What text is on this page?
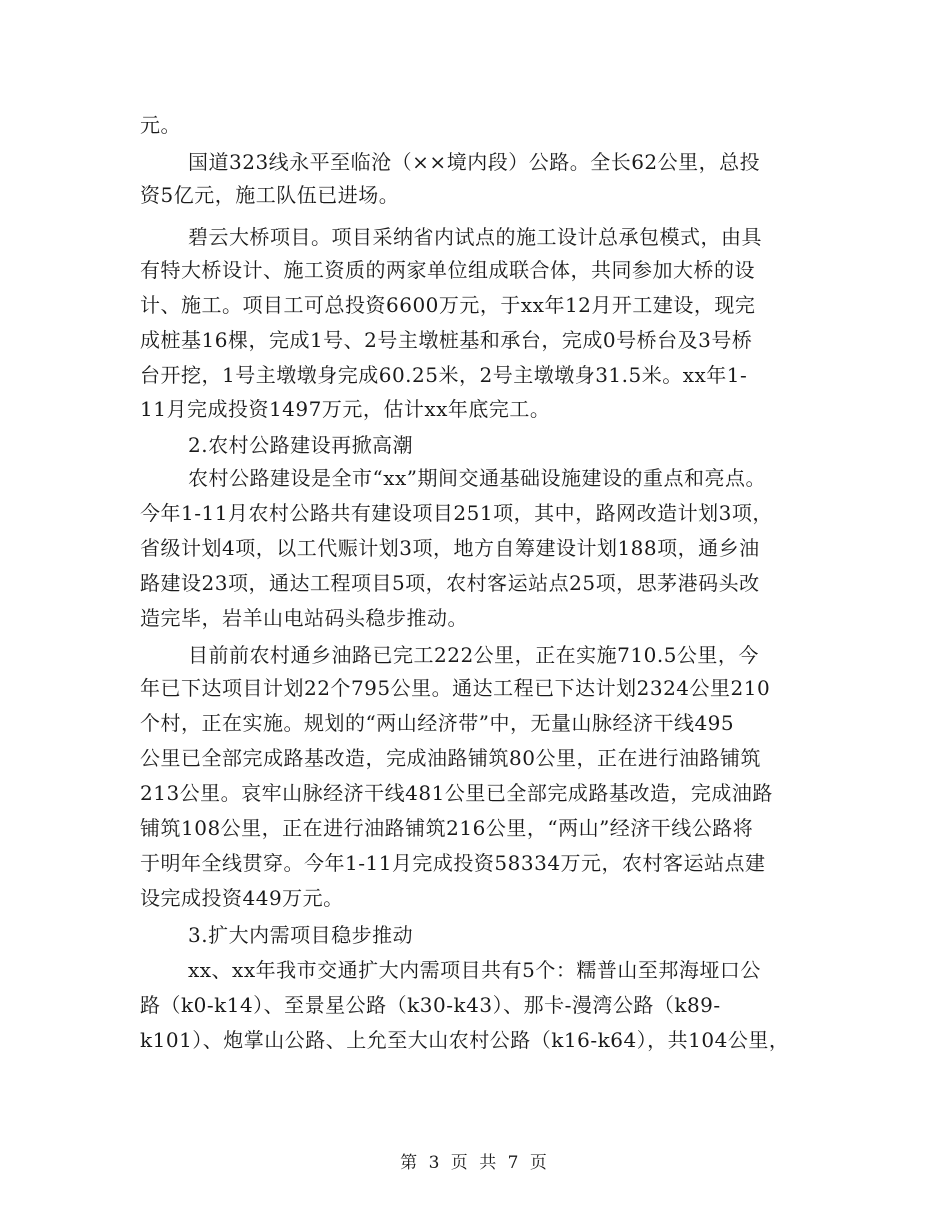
元。
国道323线永平至临沧（××境内段）公路。全长62公里，总投
资5亿元，施工队伍已进场。
碧云大桥项目。项目采纳省内试点的施工设计总承包模式，由具
有特大桥设计、施工资质的两家单位组成联合体，共同参加大桥的设
计、施工。项目工可总投资6600万元，于xx年12月开工建设，现完
成桩基16棵，完成1号、2号主墩桩基和承台，完成0号桥台及3号桥
台开挖，1号主墩墩身完成60.25米，2号主墩墩身31.5米。xx年1-
11月完成投资1497万元，估计xx年底完工。
2.农村公路建设再掀高潮
农村公路建设是全市“xx”期间交通基础设施建设的重点和亮点。
今年1-11月农村公路共有建设项目251项，其中，路网改造计划3项，
省级计划4项，以工代赈计划3项，地方自筹建设计划188项，通乡油
路建设23项，通达工程项目5项，农村客运站点25项，思茅港码头改
造完毕，岩羊山电站码头稳步推动。
目前前农村通乡油路已完工222公里，正在实施710.5公里，今
年已下达项目计划22个795公里。通达工程已下达计划2324公里210
个村，正在实施。规划的“两山经济带”中，无量山脉经济干线495
公里已全部完成路基改造，完成油路铺筑80公里，正在进行油路铺筑
213公里。哀牢山脉经济干线481公里已全部完成路基改造，完成油路
铺筑108公里，正在进行油路铺筑216公里，“两山”经济干线公路将
于明年全线贯穿。今年1-11月完成投资58334万元，农村客运站点建
设完成投资449万元。
3.扩大内需项目稳步推动
xx、xx年我市交通扩大内需项目共有5个：糯普山至邦海垭口公
路（k0-k14）、至景星公路（k30-k43）、那卡-漫湾公路（k89-
k101）、炮掌山公路、上允至大山农村公路（k16-k64），共104公里，
第 3 页 共 7 页
